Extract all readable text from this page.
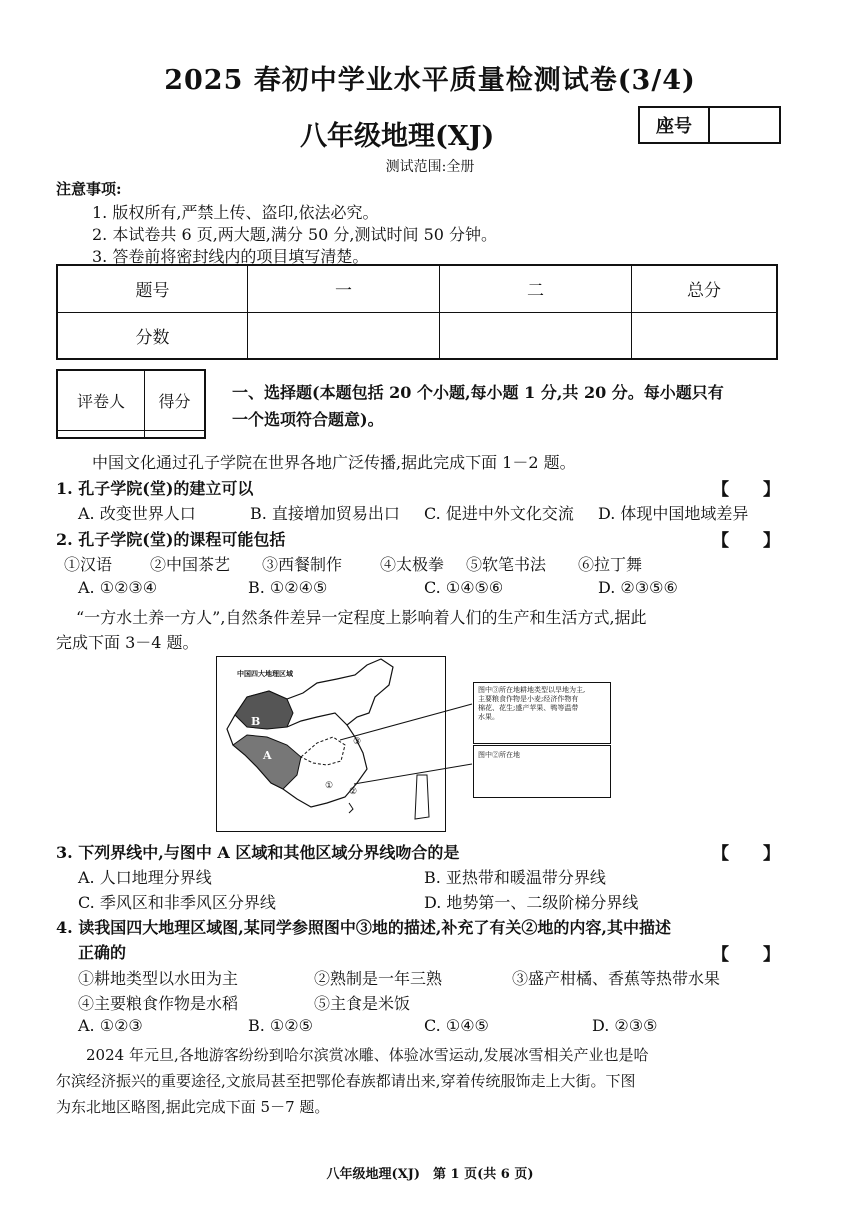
2025 春初中学业水平质量检测试卷(3/4)
八年级地理(XJ)	座号
测试范围:全册
注意事项:
1. 版权所有,严禁上传、盗印,依法必究。
2. 本试卷共 6 页,两大题,满分 50 分,测试时间 50 分钟。
3. 答卷前将密封线内的项目填写清楚。
题号	一	二	总分
分数			
评卷人	得分
		一、选择题(本题包括 20 个小题,每小题 1 分,共 20 分。每小题只有
一个选项符合题意)。
中国文化通过孔子学院在世界各地广泛传播,据此完成下面 1－2 题。
1. 孔子学院(堂)的建立可以	【　　】
A. 改变世界人口	B. 直接增加贸易出口 C. 促进中外文化交流 D. 体现中国地域差异
2. 孔子学院(堂)的课程可能包括	【　　】
①汉语 ②中国茶艺 ③西餐制作 ④太极拳 ⑤软笔书法 ⑥拉丁舞
A. ①②③④	B. ①②④⑤	C. ①④⑤⑥	D. ②③⑤⑥
“一方水土养一方人”,自然条件差异一定程度上影响着人们的生产和生活方式,据此
完成下面 3－4 题。
中国四大地理区域
B
A
③
①
②
图中③所在地耕地类型以旱地为主,
主要粮食作物是小麦;经济作物有
棉花、花生;盛产苹果、鸭等温带
水果。
图中②所在地
3. 下列界线中,与图中 A 区域和其他区域分界线吻合的是	【　　】
A. 人口地理分界线	B. 亚热带和暖温带分界线
C. 季风区和非季风区分界线	D. 地势第一、二级阶梯分界线
4. 读我国四大地理区域图,某同学参照图中③地的描述,补充了有关②地的内容,其中描述
正确的	【　　】
①耕地类型以水田为主	②熟制是一年三熟	③盛产柑橘、香蕉等热带水果
④主要粮食作物是水稻	⑤主食是米饭
A. ①②③	B. ①②⑤	C. ①④⑤	D. ②③⑤
2024 年元旦,各地游客纷纷到哈尔滨赏冰雕、体验冰雪运动,发展冰雪相关产业也是哈
尔滨经济振兴的重要途径,文旅局甚至把鄂伦春族都请出来,穿着传统服饰走上大街。下图
为东北地区略图,据此完成下面 5－7 题。
八年级地理(XJ)　第 1 页(共 6 页)
